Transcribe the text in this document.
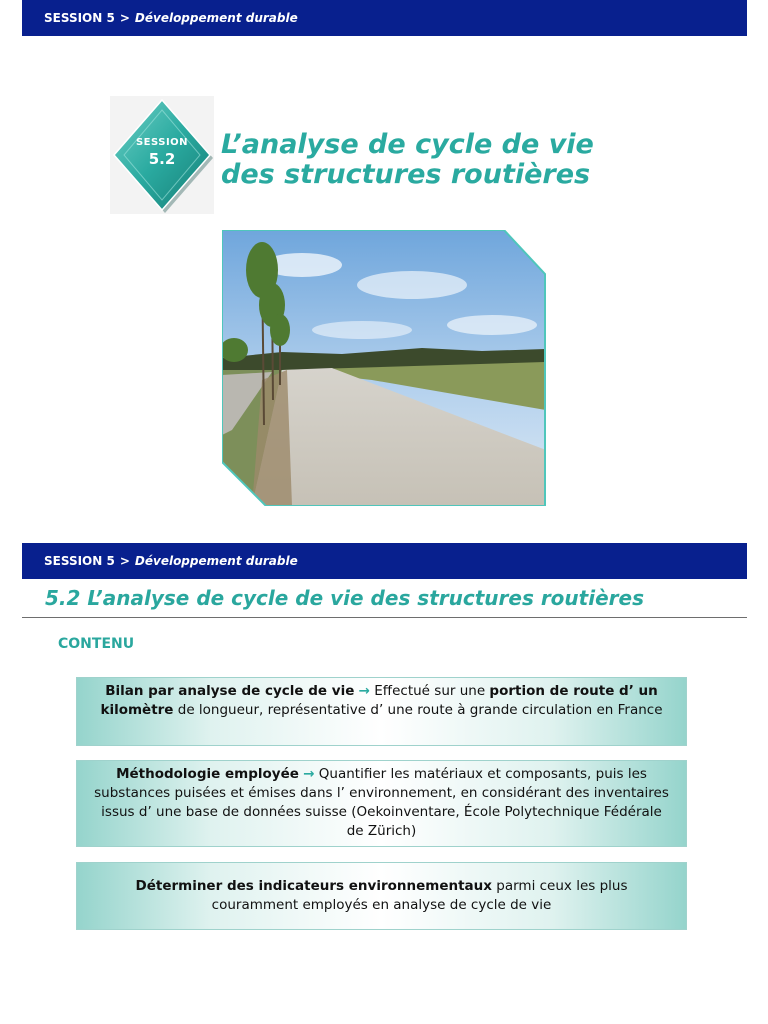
SESSION 5 > Développement durable
SESSION
5.2	L’analyse de cycle de vie
des structures routières
SESSION 5 > Développement durable
5.2 L’analyse de cycle de vie des structures routières
CONTENU
Bilan par analyse de cycle de vie → Effectué sur une portion de route d’ un kilomètre de longueur, représentative d’ une route à grande circulation en France
Méthodologie employée → Quantifier les matériaux et composants, puis les substances puisées et émises dans l’ environnement, en considérant des inventaires issus d’ une base de données suisse (Oekoinventare, École Polytechnique Fédérale de Zürich)
Déterminer des indicateurs environnementaux parmi ceux les plus couramment employés en analyse de cycle de vie
